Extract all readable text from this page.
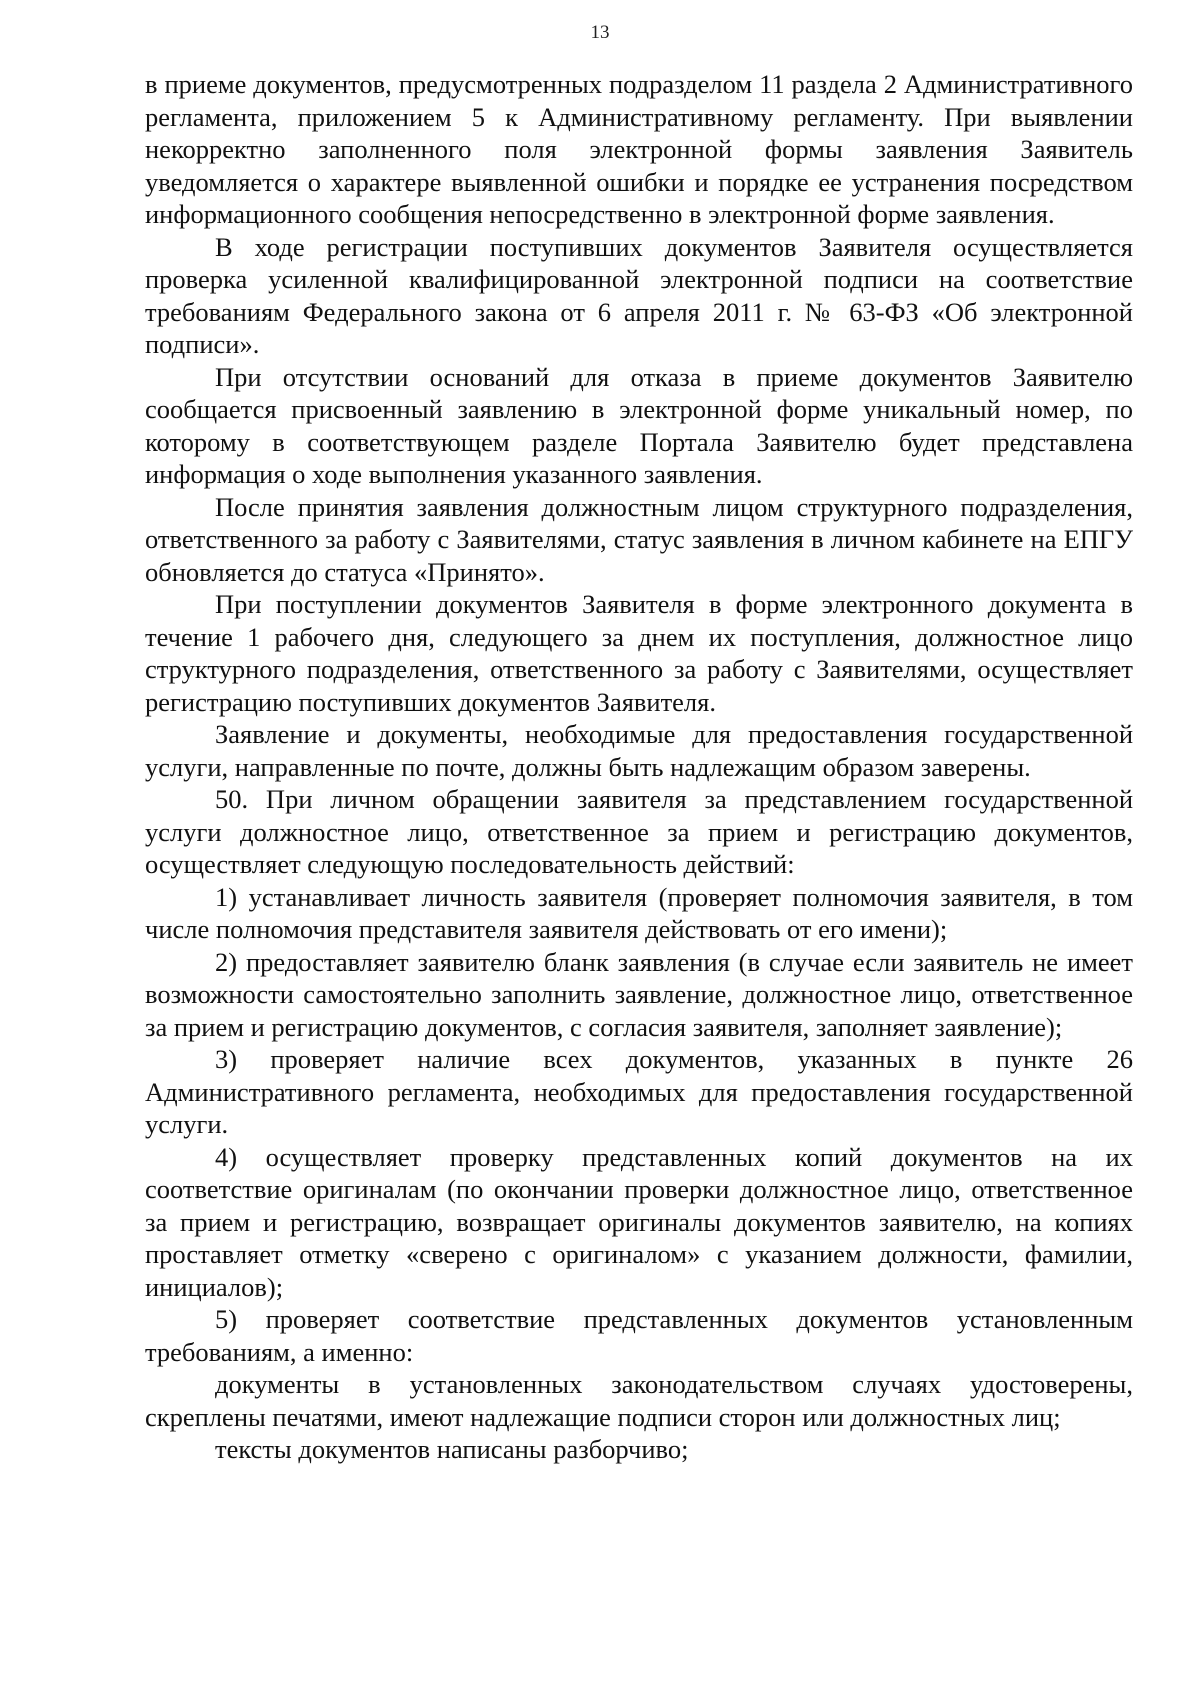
13

в приеме документов, предусмотренных подразделом 11 раздела 2 Административного регламента, приложением 5 к Административному регламенту. При выявлении некорректно заполненного поля электронной формы заявления Заявитель уведомляется о характере выявленной ошибки и порядке ее устранения посредством информационного сообщения непосредственно в электронной форме заявления.

В ходе регистрации поступивших документов Заявителя осуществляется проверка усиленной квалифицированной электронной подписи на соответствие требованиям Федерального закона от 6 апреля 2011 г. № 63-ФЗ «Об электронной подписи».

При отсутствии оснований для отказа в приеме документов Заявителю сообщается присвоенный заявлению в электронной форме уникальный номер, по которому в соответствующем разделе Портала Заявителю будет представлена информация о ходе выполнения указанного заявления.

После принятия заявления должностным лицом структурного подразделения, ответственного за работу с Заявителями, статус заявления в личном кабинете на ЕПГУ обновляется до статуса «Принято».

При поступлении документов Заявителя в форме электронного документа в течение 1 рабочего дня, следующего за днем их поступления, должностное лицо структурного подразделения, ответственного за работу с Заявителями, осуществляет регистрацию поступивших документов Заявителя.

Заявление и документы, необходимые для предоставления государственной услуги, направленные по почте, должны быть надлежащим образом заверены.

50. При личном обращении заявителя за представлением государственной услуги должностное лицо, ответственное за прием и регистрацию документов, осуществляет следующую последовательность действий:

1) устанавливает личность заявителя (проверяет полномочия заявителя, в том числе полномочия представителя заявителя действовать от его имени);

2) предоставляет заявителю бланк заявления (в случае если заявитель не имеет возможности самостоятельно заполнить заявление, должностное лицо, ответственное за прием и регистрацию документов, с согласия заявителя, заполняет заявление);

3) проверяет наличие всех документов, указанных в пункте 26 Административного регламента, необходимых для предоставления государственной услуги.

4) осуществляет проверку представленных копий документов на их соответствие оригиналам (по окончании проверки должностное лицо, ответственное за прием и регистрацию, возвращает оригиналы документов заявителю, на копиях проставляет отметку «сверено с оригиналом» с указанием должности, фамилии, инициалов);

5) проверяет соответствие представленных документов установленным требованиям, а именно:

документы в установленных законодательством случаях удостоверены, скреплены печатями, имеют надлежащие подписи сторон или должностных лиц;

тексты документов написаны разборчиво;
